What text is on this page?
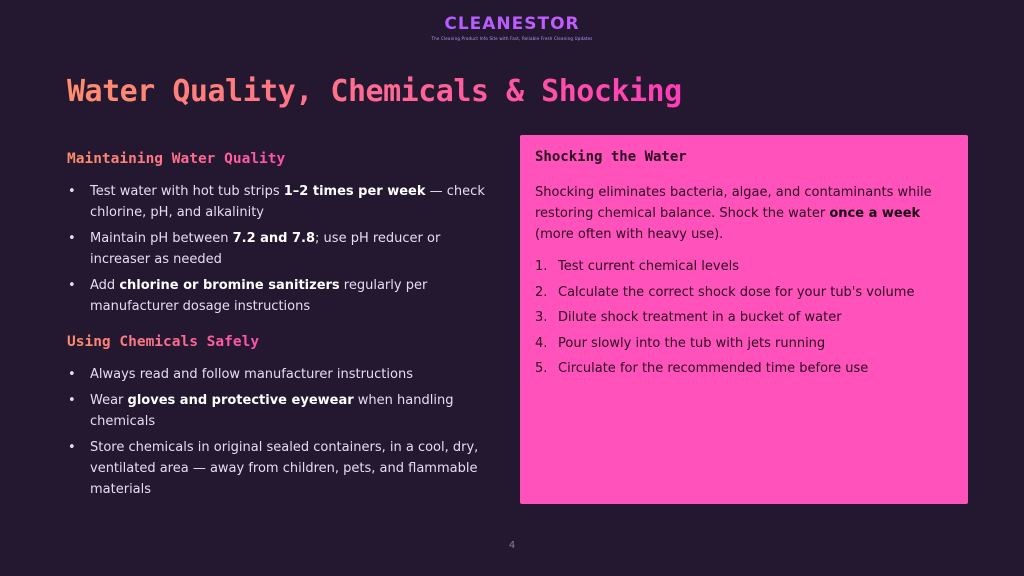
CLEANESTOR
The Cleaning Product Info Site with Fast, Reliable Fresh Cleaning Updates
Water Quality, Chemicals & Shocking
Maintaining Water Quality
• Test water with hot tub strips 1–2 times per week — check chlorine, pH, and alkalinity
• Maintain pH between 7.2 and 7.8; use pH reducer or increaser as needed
• Add chlorine or bromine sanitizers regularly per manufacturer dosage instructions
Using Chemicals Safely
• Always read and follow manufacturer instructions
• Wear gloves and protective eyewear when handling chemicals
• Store chemicals in original sealed containers, in a cool, dry, ventilated area — away from children, pets, and flammable materials
Shocking the Water

Shocking eliminates bacteria, algae, and contaminants while restoring chemical balance. Shock the water once a week (more often with heavy use).

1. Test current chemical levels
2. Calculate the correct shock dose for your tub's volume
3. Dilute shock treatment in a bucket of water
4. Pour slowly into the tub with jets running
5. Circulate for the recommended time before use
4
